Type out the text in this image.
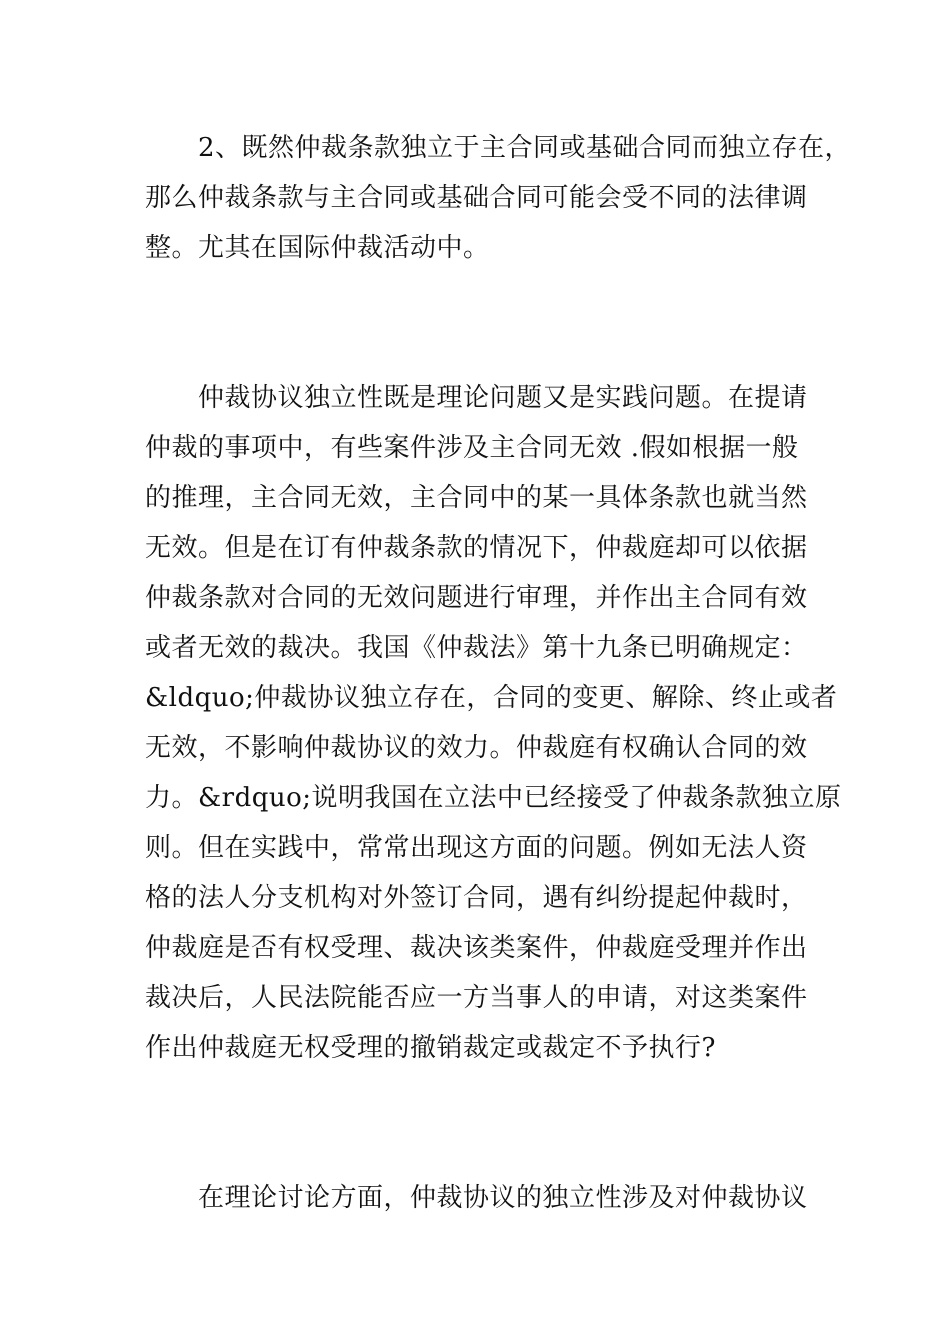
2、既然仲裁条款独立于主合同或基础合同而独立存在，
那么仲裁条款与主合同或基础合同可能会受不同的法律调
整。尤其在国际仲裁活动中。
仲裁协议独立性既是理论问题又是实践问题。在提请
仲裁的事项中，有些案件涉及主合同无效 .假如根据一般
的推理，主合同无效，主合同中的某一具体条款也就当然
无效。但是在订有仲裁条款的情况下，仲裁庭却可以依据
仲裁条款对合同的无效问题进行审理，并作出主合同有效
或者无效的裁决。我国《仲裁法》第十九条已明确规定：
&ldquo;仲裁协议独立存在，合同的变更、解除、终止或者
无效，不影响仲裁协议的效力。仲裁庭有权确认合同的效
力。&rdquo;说明我国在立法中已经接受了仲裁条款独立原
则。但在实践中，常常出现这方面的问题。例如无法人资
格的法人分支机构对外签订合同，遇有纠纷提起仲裁时，
仲裁庭是否有权受理、裁决该类案件，仲裁庭受理并作出
裁决后，人民法院能否应一方当事人的申请，对这类案件
作出仲裁庭无权受理的撤销裁定或裁定不予执行?
在理论讨论方面，仲裁协议的独立性涉及对仲裁协议
